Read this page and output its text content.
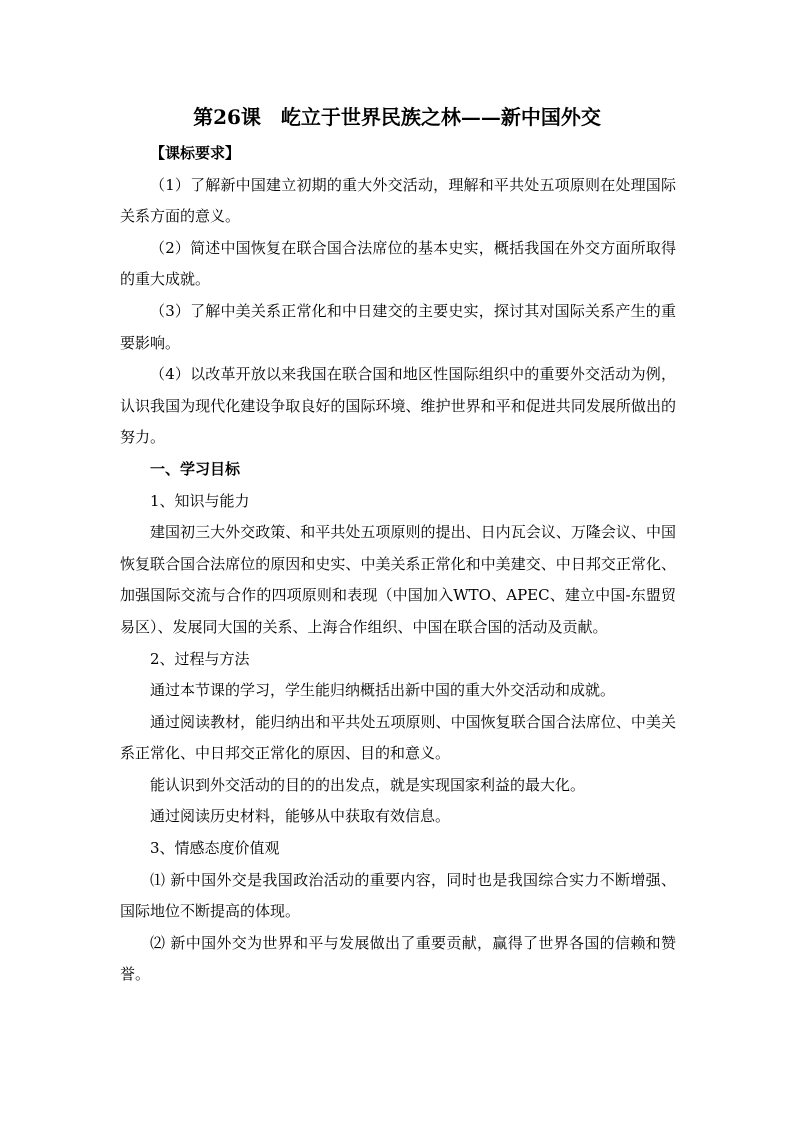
第26课　屹立于世界民族之林——新中国外交

【课标要求】

（1）了解新中国建立初期的重大外交活动，理解和平共处五项原则在处理国际关系方面的意义。

（2）简述中国恢复在联合国合法席位的基本史实，概括我国在外交方面所取得的重大成就。

（3）了解中美关系正常化和中日建交的主要史实，探讨其对国际关系产生的重要影响。

（4）以改革开放以来我国在联合国和地区性国际组织中的重要外交活动为例，认识我国为现代化建设争取良好的国际环境、维护世界和平和促进共同发展所做出的努力。

一、学习目标

1、知识与能力

建国初三大外交政策、和平共处五项原则的提出、日内瓦会议、万隆会议、中国恢复联合国合法席位的原因和史实、中美关系正常化和中美建交、中日邦交正常化、加强国际交流与合作的四项原则和表现（中国加入WTO、APEC、建立中国-东盟贸易区）、发展同大国的关系、上海合作组织、中国在联合国的活动及贡献。

2、过程与方法

通过本节课的学习，学生能归纳概括出新中国的重大外交活动和成就。

通过阅读教材，能归纳出和平共处五项原则、中国恢复联合国合法席位、中美关系正常化、中日邦交正常化的原因、目的和意义。

能认识到外交活动的目的的出发点，就是实现国家利益的最大化。

通过阅读历史材料，能够从中获取有效信息。

3、情感态度价值观

⑴ 新中国外交是我国政治活动的重要内容，同时也是我国综合实力不断增强、国际地位不断提高的体现。

⑵ 新中国外交为世界和平与发展做出了重要贡献，赢得了世界各国的信赖和赞誉。
